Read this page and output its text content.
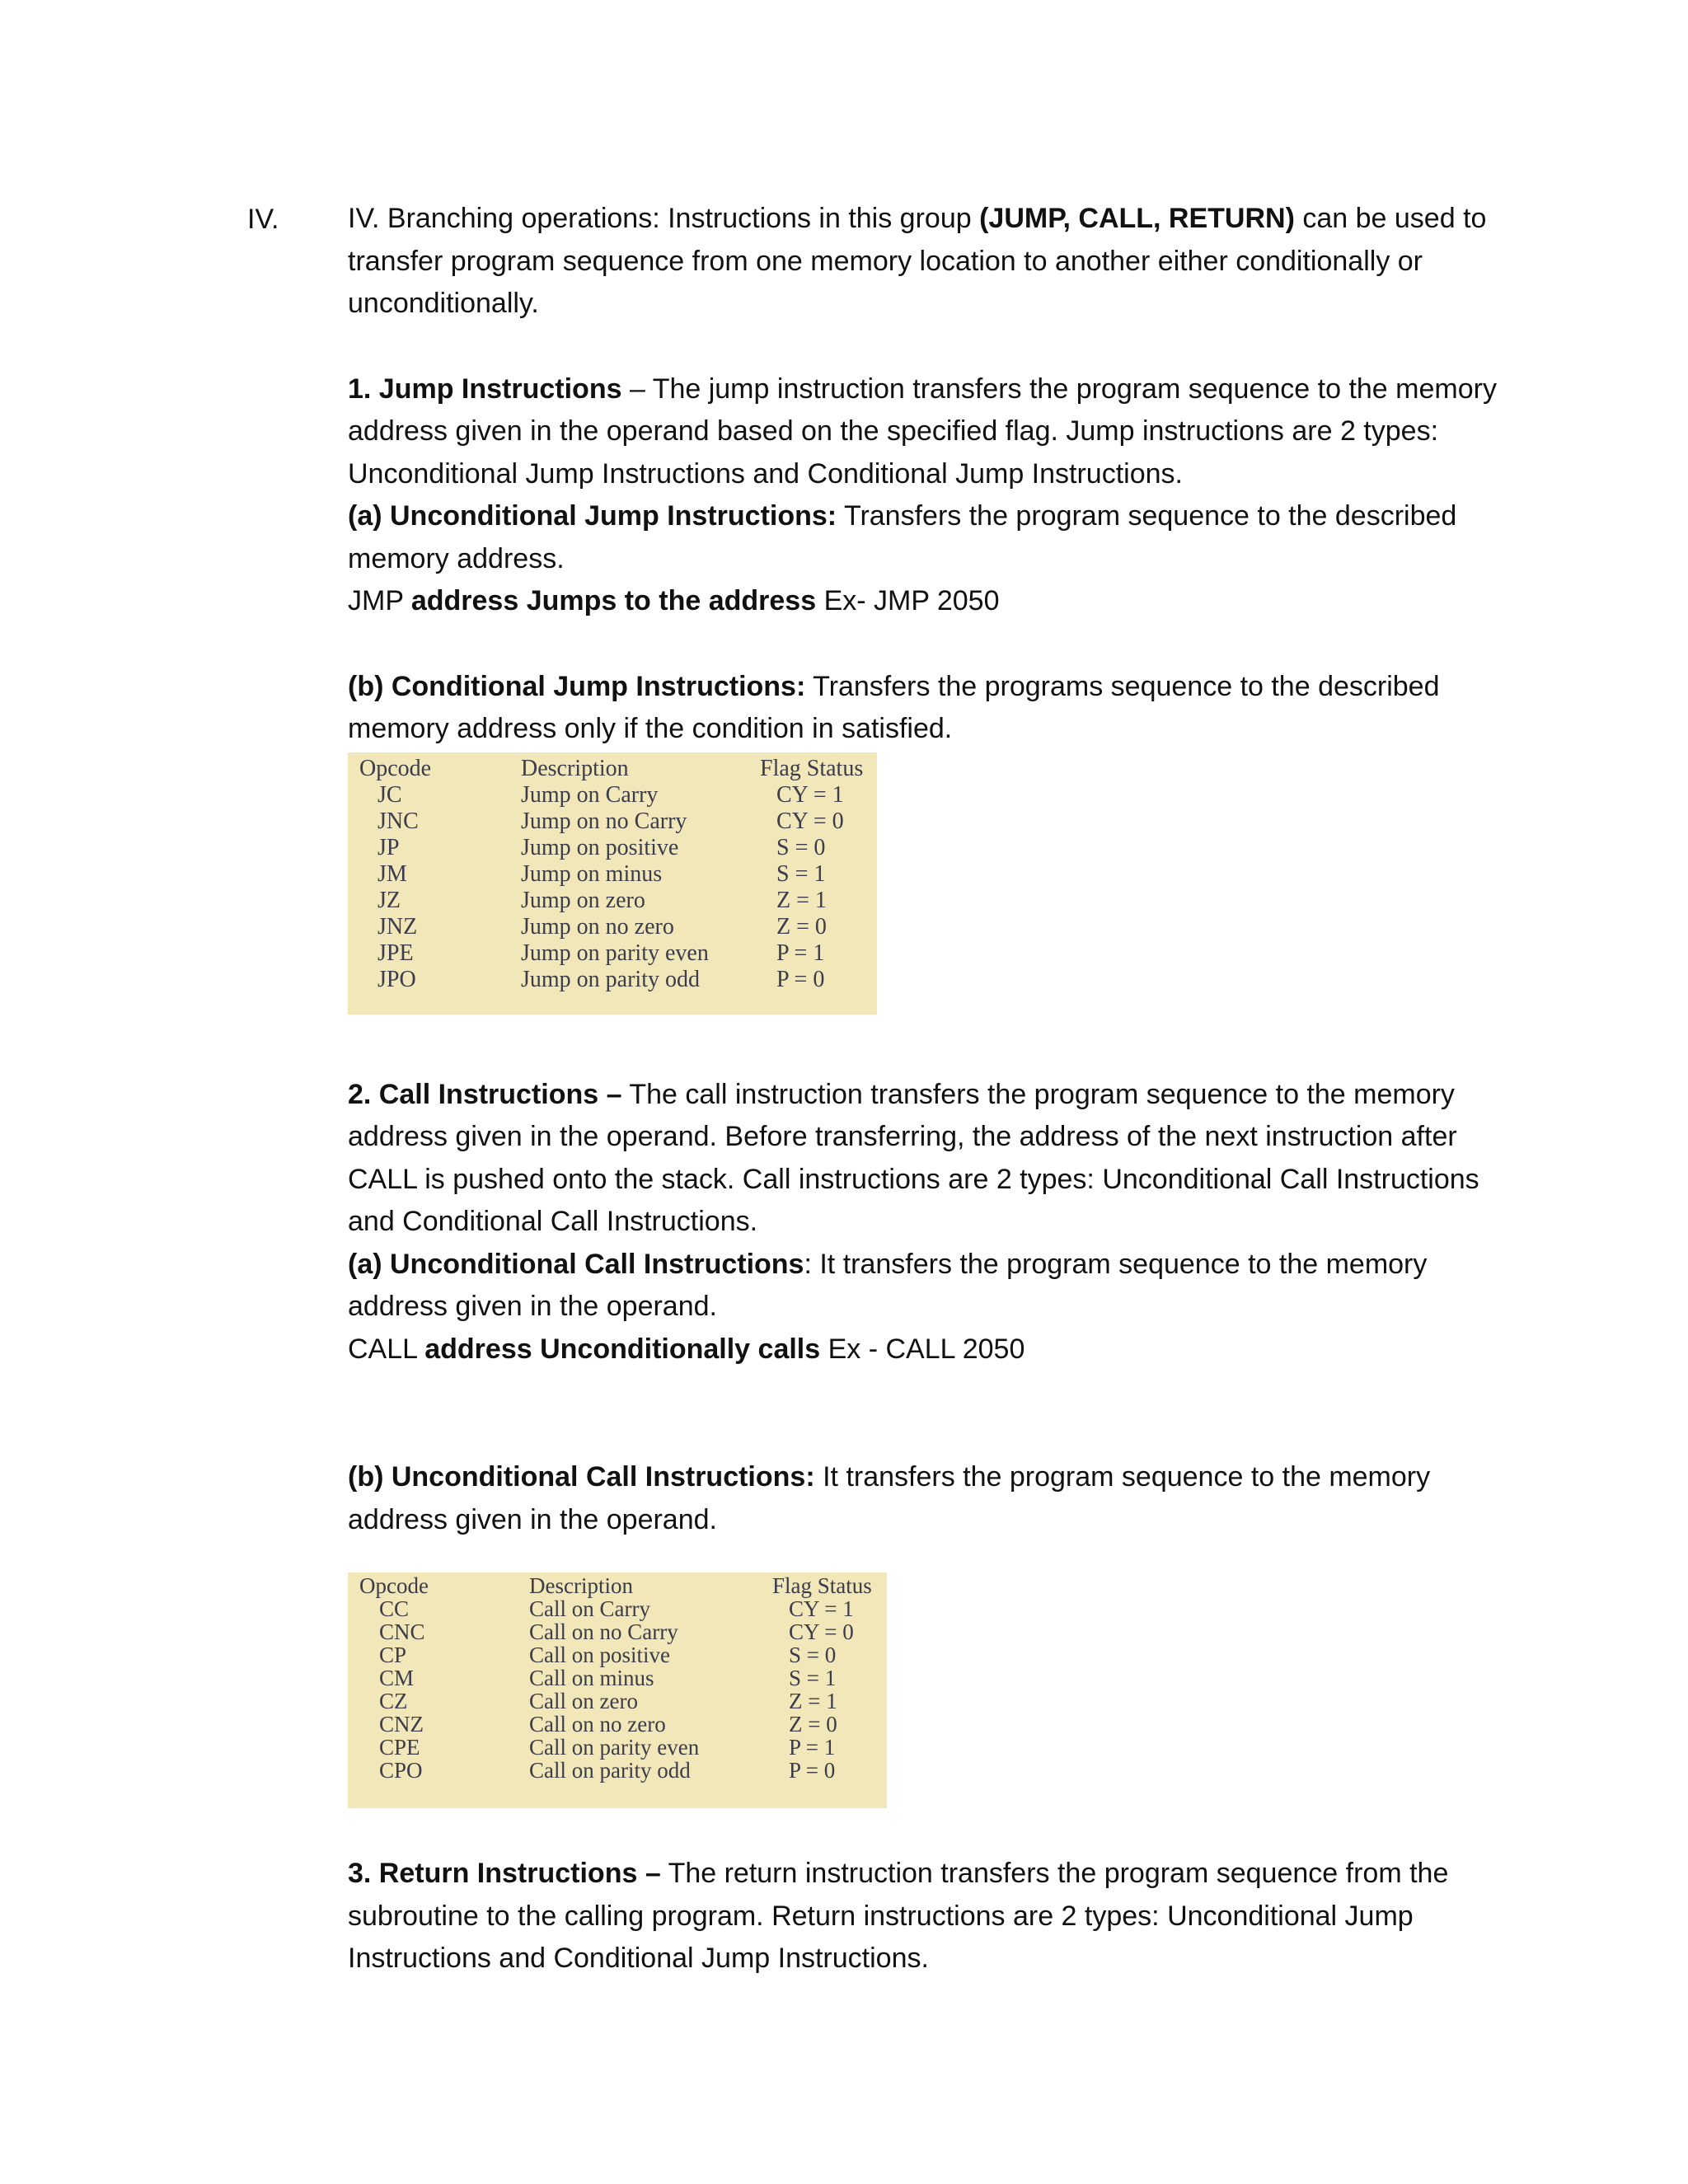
IV. IV. Branching operations: Instructions in this group (JUMP, CALL, RETURN) can be used to transfer program sequence from one memory location to another either conditionally or unconditionally.

1. Jump Instructions – The jump instruction transfers the program sequence to the memory address given in the operand based on the specified flag. Jump instructions are 2 types: Unconditional Jump Instructions and Conditional Jump Instructions.

(a) Unconditional Jump Instructions: Transfers the program sequence to the described memory address.

JMP address Jumps to the address Ex- JMP 2050

(b) Conditional Jump Instructions: Transfers the programs sequence to the described memory address only if the condition in satisfied.

Opcode	Description	Flag Status
JC	Jump on Carry	CY = 1
JNC	Jump on no Carry	CY = 0
JP	Jump on positive	S = 0
JM	Jump on minus	S = 1
JZ	Jump on zero	Z = 1
JNZ	Jump on no zero	Z = 0
JPE	Jump on parity even	P = 1
JPO	Jump on parity odd	P = 0

2. Call Instructions – The call instruction transfers the program sequence to the memory address given in the operand. Before transferring, the address of the next instruction after CALL is pushed onto the stack. Call instructions are 2 types: Unconditional Call Instructions and Conditional Call Instructions.

(a) Unconditional Call Instructions: It transfers the program sequence to the memory address given in the operand.

CALL address Unconditionally calls Ex - CALL 2050

(b) Unconditional Call Instructions: It transfers the program sequence to the memory address given in the operand.

Opcode	Description	Flag Status
CC	Call on Carry	CY = 1
CNC	Call on no Carry	CY = 0
CP	Call on positive	S = 0
CM	Call on minus	S = 1
CZ	Call on zero	Z = 1
CNZ	Call on no zero	Z = 0
CPE	Call on parity even	P = 1
CPO	Call on parity odd	P = 0

3. Return Instructions – The return instruction transfers the program sequence from the subroutine to the calling program. Return instructions are 2 types: Unconditional Jump Instructions and Conditional Jump Instructions.
